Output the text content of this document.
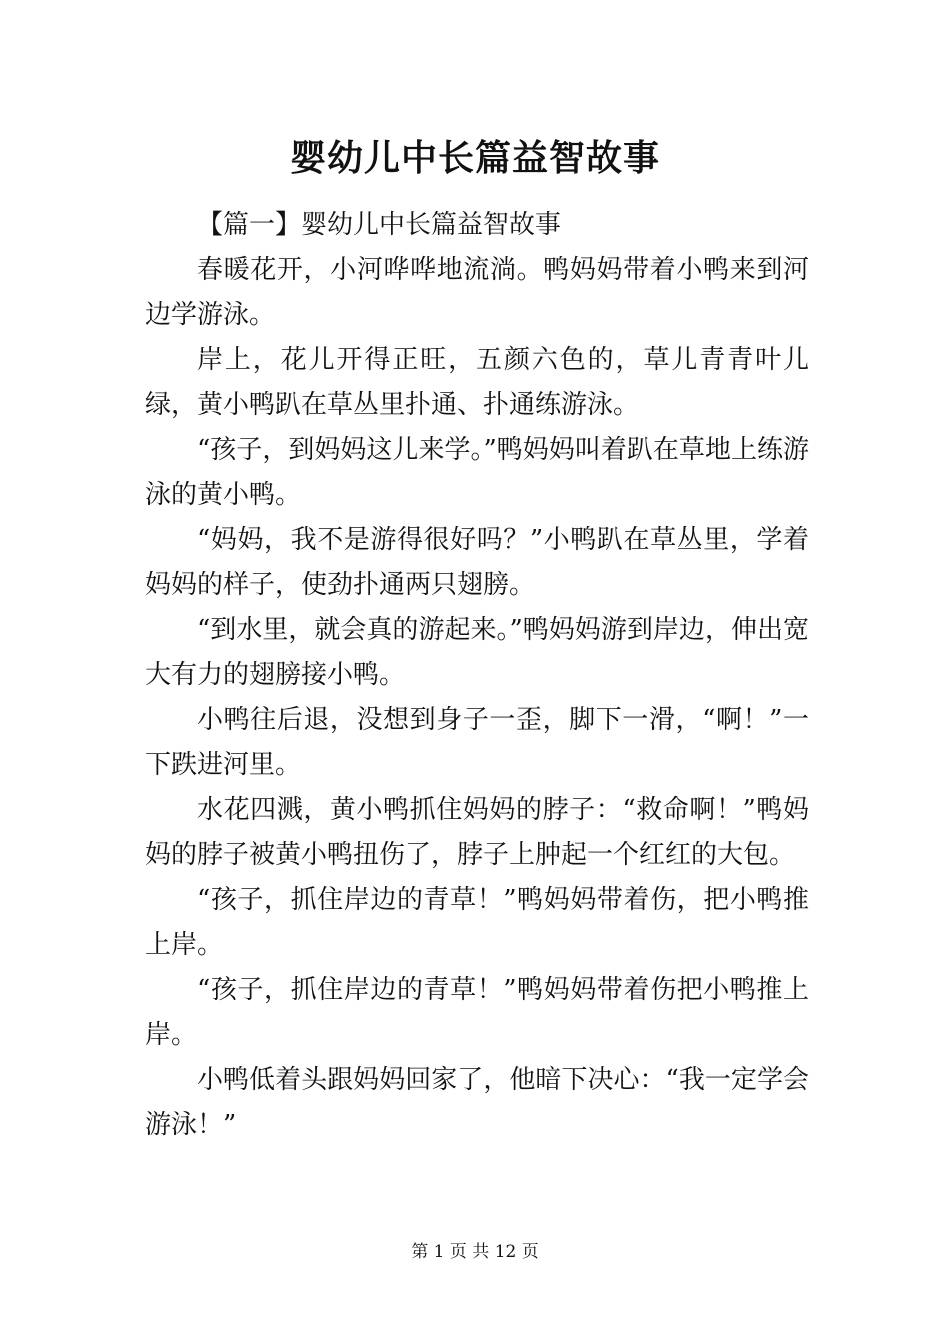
婴幼儿中长篇益智故事

【篇一】婴幼儿中长篇益智故事

春暖花开，小河哗哗地流淌。鸭妈妈带着小鸭来到河边学游泳。

岸上，花儿开得正旺，五颜六色的，草儿青青叶儿绿，黄小鸭趴在草丛里扑通、扑通练游泳。

“孩子，到妈妈这儿来学。”鸭妈妈叫着趴在草地上练游泳的黄小鸭。

“妈妈，我不是游得很好吗？”小鸭趴在草丛里，学着妈妈的样子，使劲扑通两只翅膀。

“到水里，就会真的游起来。”鸭妈妈游到岸边，伸出宽大有力的翅膀接小鸭。

小鸭往后退，没想到身子一歪，脚下一滑，“啊！”一下跌进河里。

水花四溅，黄小鸭抓住妈妈的脖子：“救命啊！”鸭妈妈的脖子被黄小鸭扭伤了，脖子上肿起一个红红的大包。

“孩子，抓住岸边的青草！”鸭妈妈带着伤，把小鸭推上岸。

“孩子，抓住岸边的青草！”鸭妈妈带着伤把小鸭推上岸。

小鸭低着头跟妈妈回家了，他暗下决心：“我一定学会游泳！”

第 1 页 共 12 页
